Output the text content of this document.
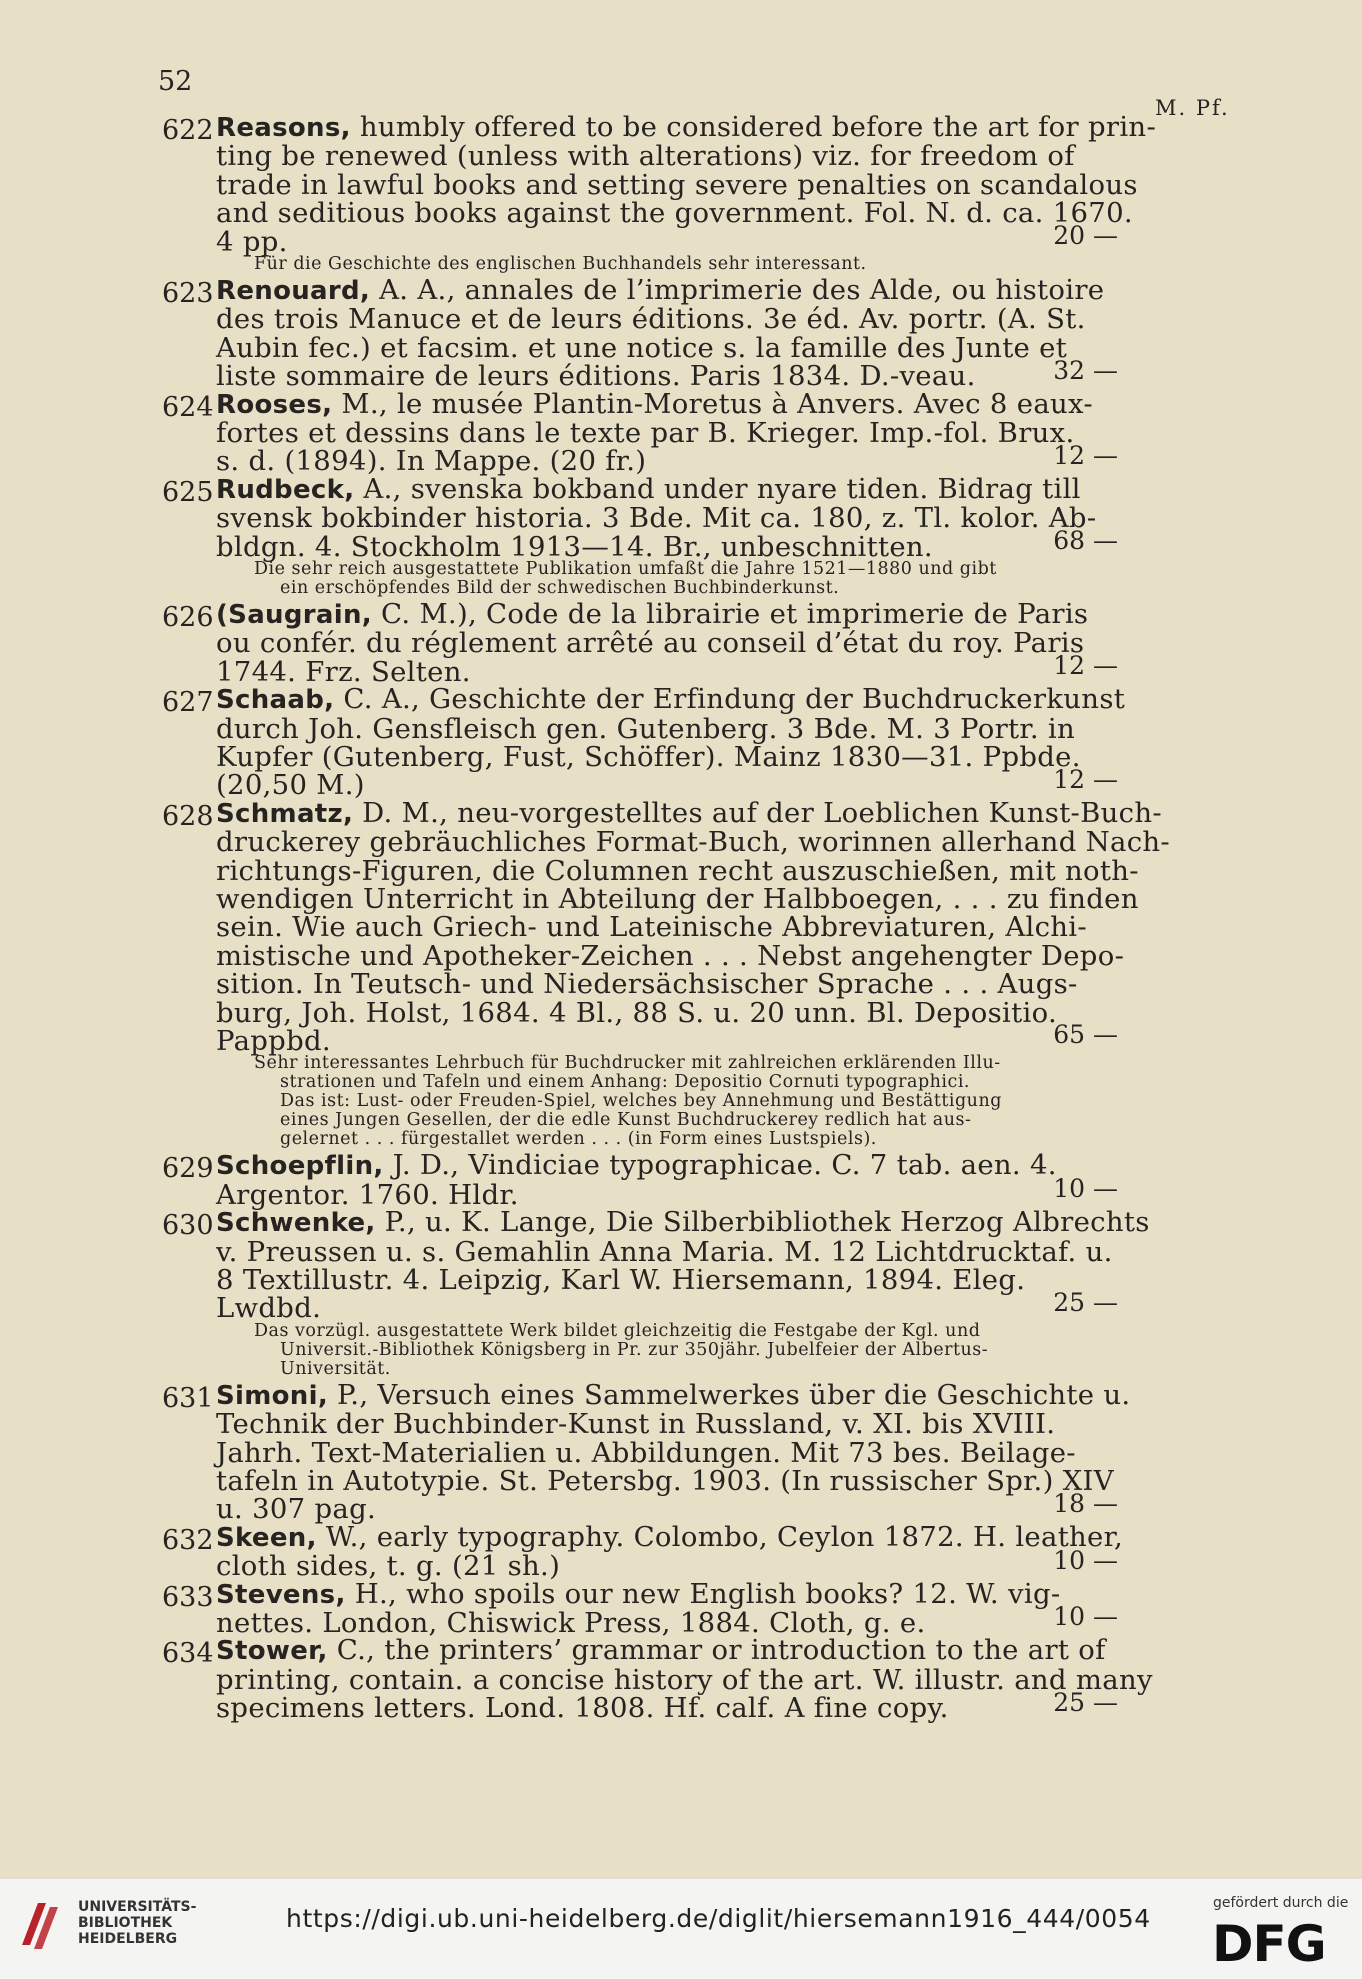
52
M. Pf.
622 Reasons, humbly offered to be considered before the art for prin-
ting be renewed (unless with alterations) viz. for freedom of
trade in lawful books and setting severe penalties on scandalous
and seditious books against the government. Fol. N. d. ca. 1670.
4 pp.	20 —
Für die Geschichte des englischen Buchhandels sehr interessant.
623 Renouard, A. A., annales de l’imprimerie des Alde, ou histoire
des trois Manuce et de leurs éditions. 3e éd. Av. portr. (A. St.
Aubin fec.) et facsim. et une notice s. la famille des Junte et
liste sommaire de leurs éditions. Paris 1834. D.-veau.	32 —
624 Rooses, M., le musée Plantin-Moretus à Anvers. Avec 8 eaux-
fortes et dessins dans le texte par B. Krieger. Imp.-fol. Brux.
s. d. (1894). In Mappe. (20 fr.)	12 —
625 Rudbeck, A., svenska bokband under nyare tiden. Bidrag till
svensk bokbinder historia. 3 Bde. Mit ca. 180, z. Tl. kolor. Ab-
bldgn. 4. Stockholm 1913—14. Br., unbeschnitten.	68 —
Die sehr reich ausgestattete Publikation umfaßt die Jahre 1521—1880 und gibt
ein erschöpfendes Bild der schwedischen Buchbinderkunst.
626 (Saugrain, C. M.), Code de la librairie et imprimerie de Paris
ou confér. du réglement arrêté au conseil d’état du roy. Paris
1744. Frz. Selten.	12 —
627 Schaab, C. A., Geschichte der Erfindung der Buchdruckerkunst
durch Joh. Gensfleisch gen. Gutenberg. 3 Bde. M. 3 Portr. in
Kupfer (Gutenberg, Fust, Schöffer). Mainz 1830—31. Ppbde.
(20,50 M.)	12 —
628 Schmatz, D. M., neu-vorgestelltes auf der Loeblichen Kunst-Buch-
druckerey gebräuchliches Format-Buch, worinnen allerhand Nach-
richtungs-Figuren, die Columnen recht auszuschießen, mit noth-
wendigen Unterricht in Abteilung der Halbboegen, . . . zu finden
sein. Wie auch Griech- und Lateinische Abbreviaturen, Alchi-
mistische und Apotheker-Zeichen . . . Nebst angehengter Depo-
sition. In Teutsch- und Niedersächsischer Sprache . . . Augs-
burg, Joh. Holst, 1684. 4 Bl., 88 S. u. 20 unn. Bl. Depositio.
Pappbd.	65 —
Sehr interessantes Lehrbuch für Buchdrucker mit zahlreichen erklärenden Illu-
strationen und Tafeln und einem Anhang: Depositio Cornuti typographici.
Das ist: Lust- oder Freuden-Spiel, welches bey Annehmung und Bestättigung
eines Jungen Gesellen, der die edle Kunst Buchdruckerey redlich hat aus-
gelernet . . . fürgestallet werden . . . (in Form eines Lustspiels).
629 Schoepflin, J. D., Vindiciae typographicae. C. 7 tab. aen. 4.
Argentor. 1760. Hldr.	10 —
630 Schwenke, P., u. K. Lange, Die Silberbibliothek Herzog Albrechts
v. Preussen u. s. Gemahlin Anna Maria. M. 12 Lichtdrucktaf. u.
8 Textillustr. 4. Leipzig, Karl W. Hiersemann, 1894. Eleg.
Lwdbd.	25 —
Das vorzügl. ausgestattete Werk bildet gleichzeitig die Festgabe der Kgl. und
Universit.-Bibliothek Königsberg in Pr. zur 350jähr. Jubelfeier der Albertus-
Universität.
631 Simoni, P., Versuch eines Sammelwerkes über die Geschichte u.
Technik der Buchbinder-Kunst in Russland, v. XI. bis XVIII.
Jahrh. Text-Materialien u. Abbildungen. Mit 73 bes. Beilage-
tafeln in Autotypie. St. Petersbg. 1903. (In russischer Spr.) XIV
u. 307 pag.	18 —
632 Skeen, W., early typography. Colombo, Ceylon 1872. H. leather,
cloth sides, t. g. (21 sh.)	10 —
633 Stevens, H., who spoils our new English books? 12. W. vig-
nettes. London, Chiswick Press, 1884. Cloth, g. e.	10 —
634 Stower, C., the printers’ grammar or introduction to the art of
printing, contain. a concise history of the art. W. illustr. and many
specimens letters. Lond. 1808. Hf. calf. A fine copy.	25 —
UNIVERSITÄTS-
BIBLIOTHEK
HEIDELBERG
https://digi.ub.uni-heidelberg.de/diglit/hiersemann1916_444/0054
gefördert durch die
DFG
